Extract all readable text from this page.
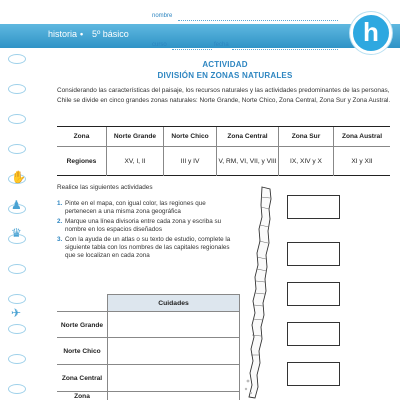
historia • 5º básico
nombre
curso	fecha	h
✋
♟
♛
✈
ACTIVIDAD
DIVISIÓN EN ZONAS NATURALES

Considerando las características del paisaje, los recursos naturales y las actividades predominantes de las personas, Chile se divide en cinco grandes zonas naturales: Norte Grande, Norte Chico, Zona Central, Zona Sur y Zona Austral.

Zona	Norte Grande	Norte Chico	Zona Central	Zona Sur	Zona Austral
Regiones	XV, I, II	III y IV	V, RM, VI, VII, y VIII	IX, XIV y X	XI y XII
Realice las siguientes actividades
1. Pinte en el mapa, con igual color, las regiones que pertenecen a una misma zona geográfica
2. Marque una línea divisoria entre cada zona y escriba su nombre en los espacios diseñados
3. Con la ayuda de un atlas o su texto de estudio, complete la siguiente tabla con los nombres de las capitales regionales que se localizan en cada zona
Cuidades
Norte Grande
Norte Chico
Zona Central
Zona
